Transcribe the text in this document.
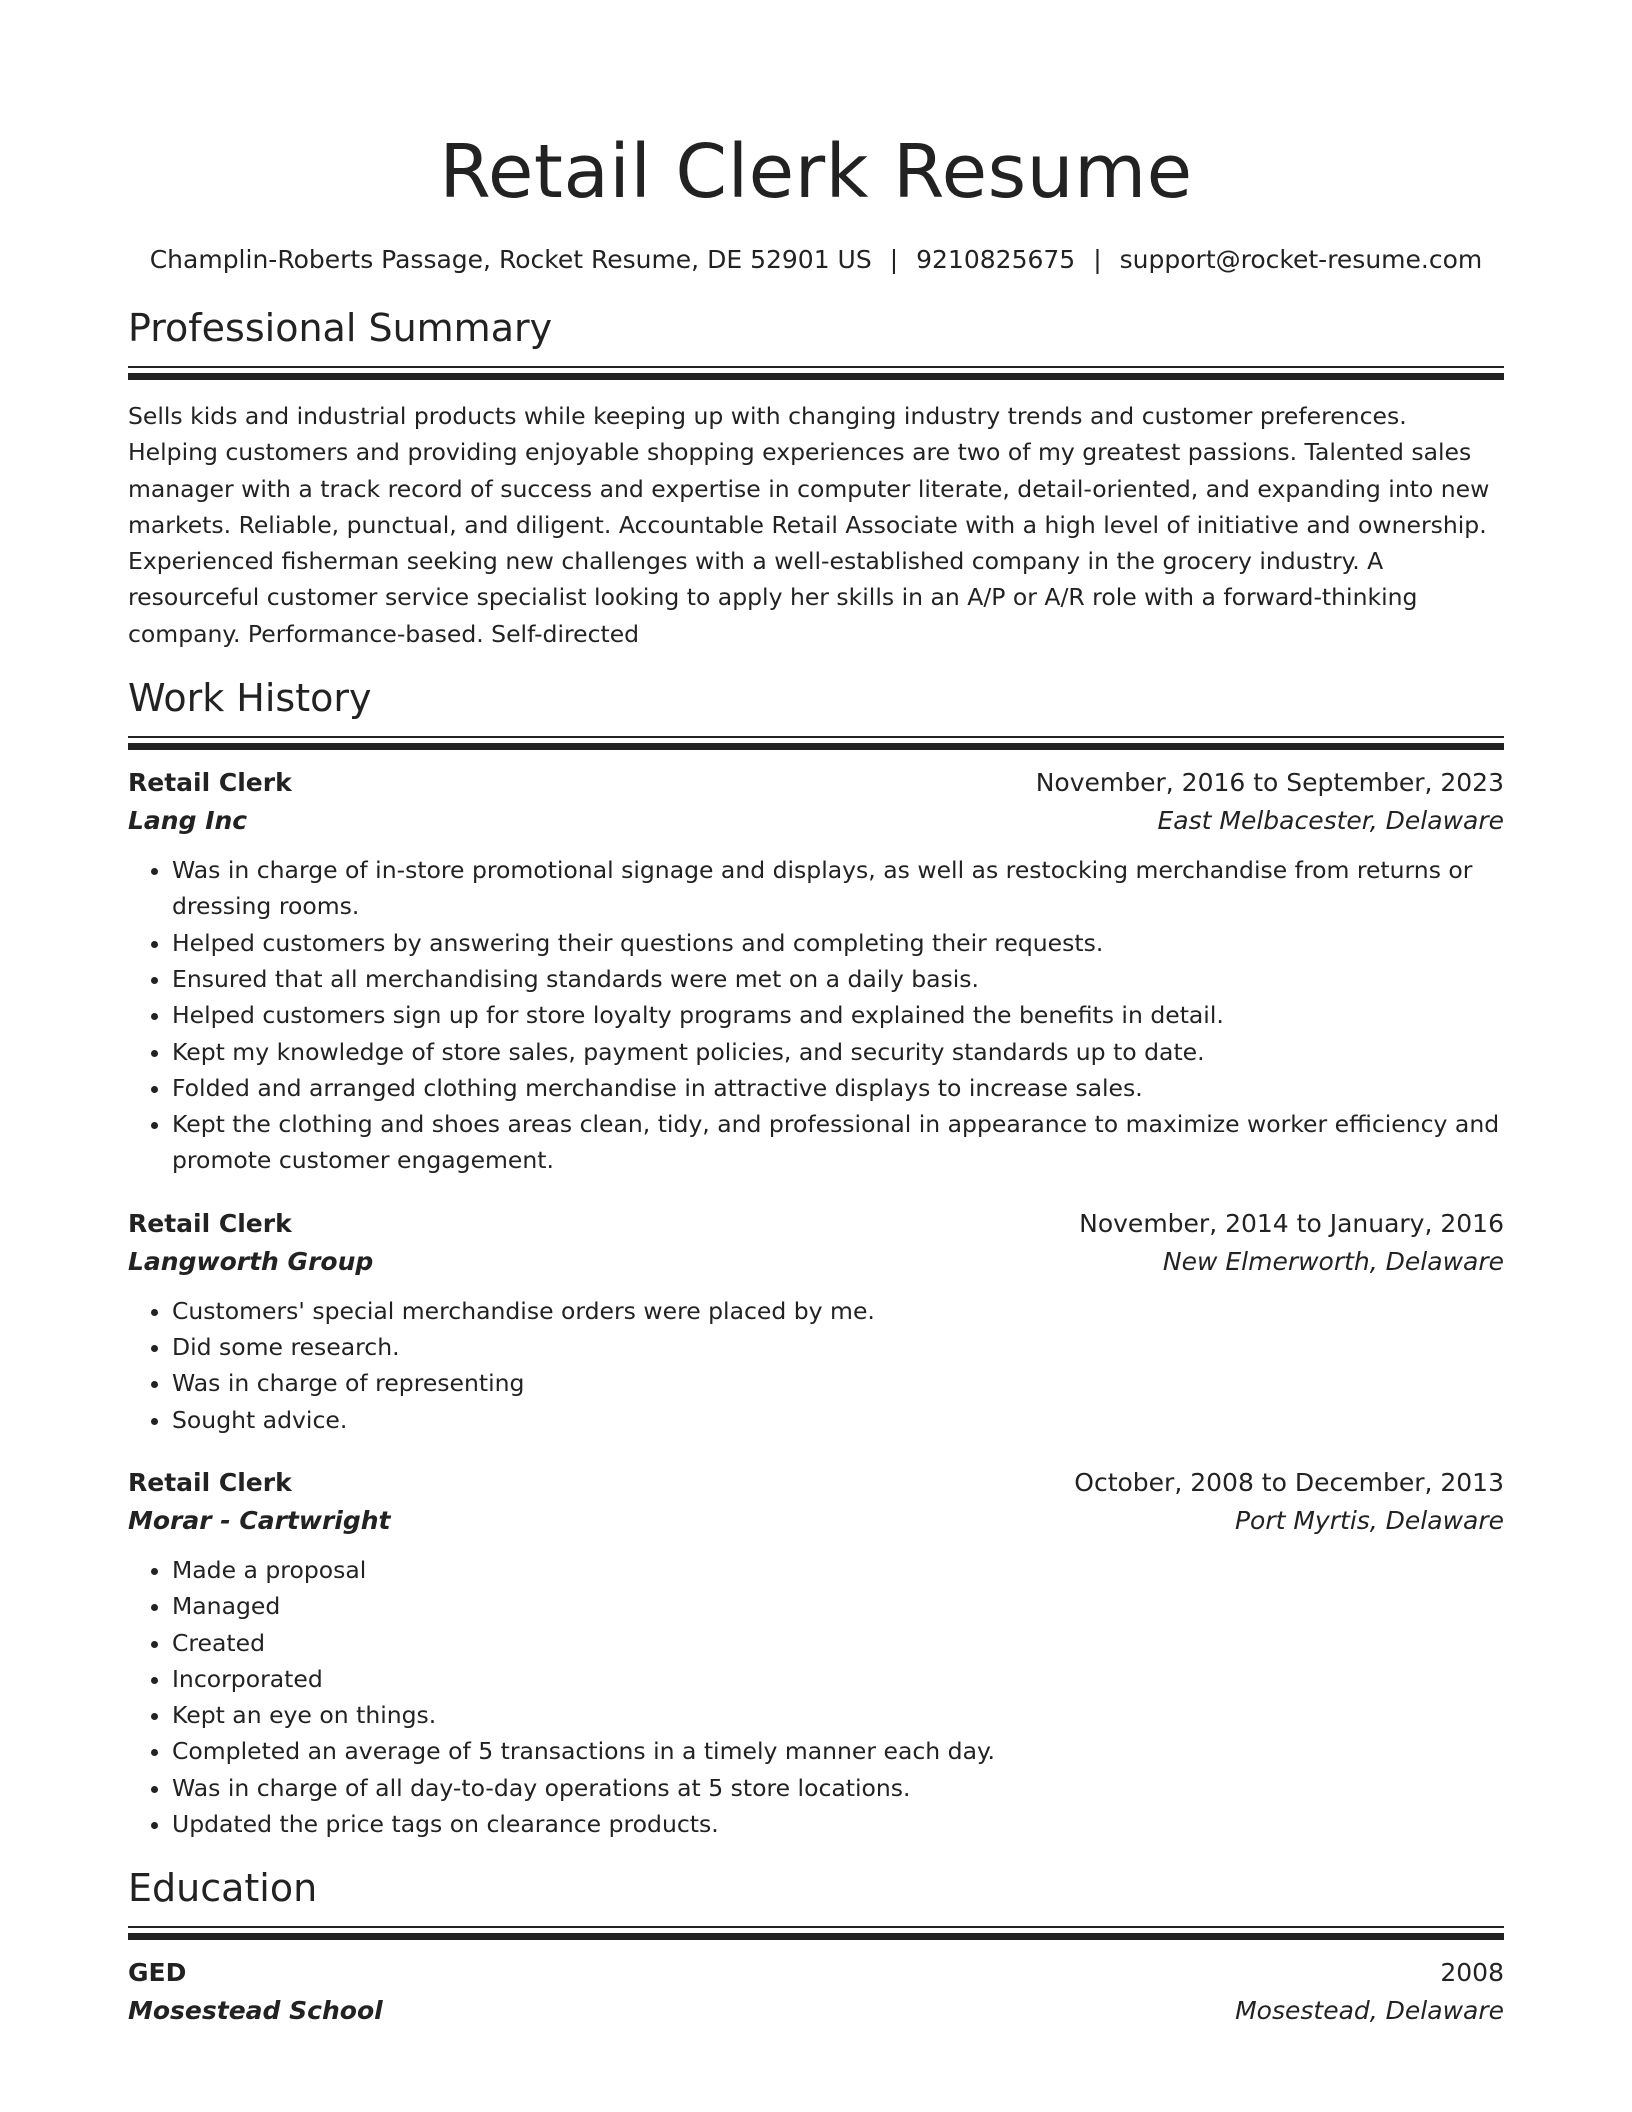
Retail Clerk Resume
Champlin-Roberts Passage, Rocket Resume, DE 52901 US | 9210825675 | support@rocket-resume.com
Professional Summary
Sells kids and industrial products while keeping up with changing industry trends and customer preferences. Helping customers and providing enjoyable shopping experiences are two of my greatest passions. Talented sales manager with a track record of success and expertise in computer literate, detail-oriented, and expanding into new markets. Reliable, punctual, and diligent. Accountable Retail Associate with a high level of initiative and ownership. Experienced fisherman seeking new challenges with a well-established company in the grocery industry. A resourceful customer service specialist looking to apply her skills in an A/P or A/R role with a forward-thinking company. Performance-based. Self-directed
Work History
Retail Clerk	November, 2016 to September, 2023
Lang Inc	East Melbacester, Delaware
• Was in charge of in-store promotional signage and displays, as well as restocking merchandise from returns or dressing rooms.
• Helped customers by answering their questions and completing their requests.
• Ensured that all merchandising standards were met on a daily basis.
• Helped customers sign up for store loyalty programs and explained the benefits in detail.
• Kept my knowledge of store sales, payment policies, and security standards up to date.
• Folded and arranged clothing merchandise in attractive displays to increase sales.
• Kept the clothing and shoes areas clean, tidy, and professional in appearance to maximize worker efficiency and promote customer engagement.
Retail Clerk	November, 2014 to January, 2016
Langworth Group	New Elmerworth, Delaware
• Customers' special merchandise orders were placed by me.
• Did some research.
• Was in charge of representing
• Sought advice.
Retail Clerk	October, 2008 to December, 2013
Morar - Cartwright	Port Myrtis, Delaware
• Made a proposal
• Managed
• Created
• Incorporated
• Kept an eye on things.
• Completed an average of 5 transactions in a timely manner each day.
• Was in charge of all day-to-day operations at 5 store locations.
• Updated the price tags on clearance products.
Education
GED	2008
Mosestead School	Mosestead, Delaware
